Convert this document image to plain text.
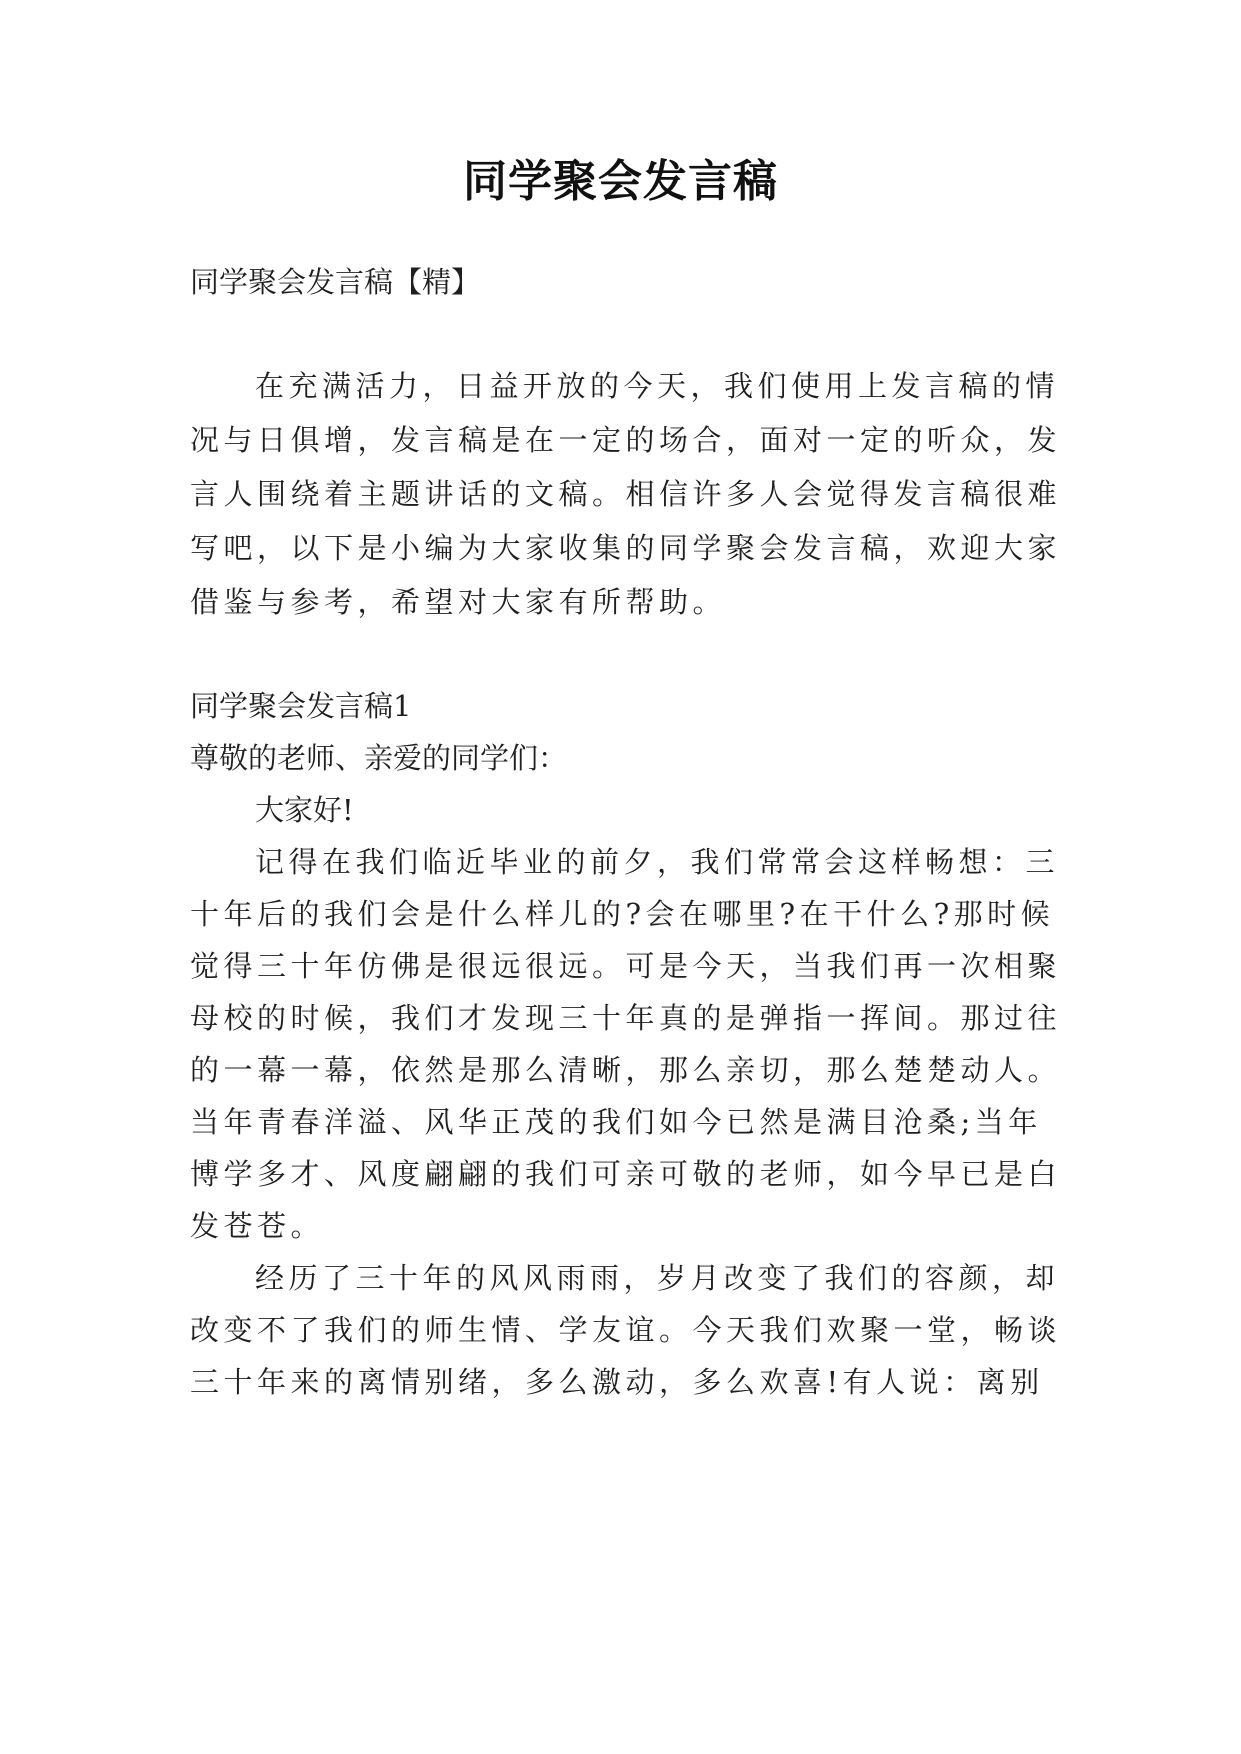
同学聚会发言稿
同学聚会发言稿【精】
在充满活力，日益开放的今天，我们使用上发言稿的情
况与日俱增，发言稿是在一定的场合，面对一定的听众，发
言人围绕着主题讲话的文稿。相信许多人会觉得发言稿很难
写吧，以下是小编为大家收集的同学聚会发言稿，欢迎大家
借鉴与参考，希望对大家有所帮助。
同学聚会发言稿1
尊敬的老师、亲爱的同学们：
大家好!
记得在我们临近毕业的前夕，我们常常会这样畅想：三
十年后的我们会是什么样儿的?会在哪里?在干什么?那时候
觉得三十年仿佛是很远很远。可是今天，当我们再一次相聚
母校的时候，我们才发现三十年真的是弹指一挥间。那过往
的一幕一幕，依然是那么清晰，那么亲切，那么楚楚动人。
当年青春洋溢、风华正茂的我们如今已然是满目沧桑;当年
博学多才、风度翩翩的我们可亲可敬的老师，如今早已是白
发苍苍。
经历了三十年的风风雨雨，岁月改变了我们的容颜，却
改变不了我们的师生情、学友谊。今天我们欢聚一堂，畅谈
三十年来的离情别绪，多么激动，多么欢喜!有人说：离别
